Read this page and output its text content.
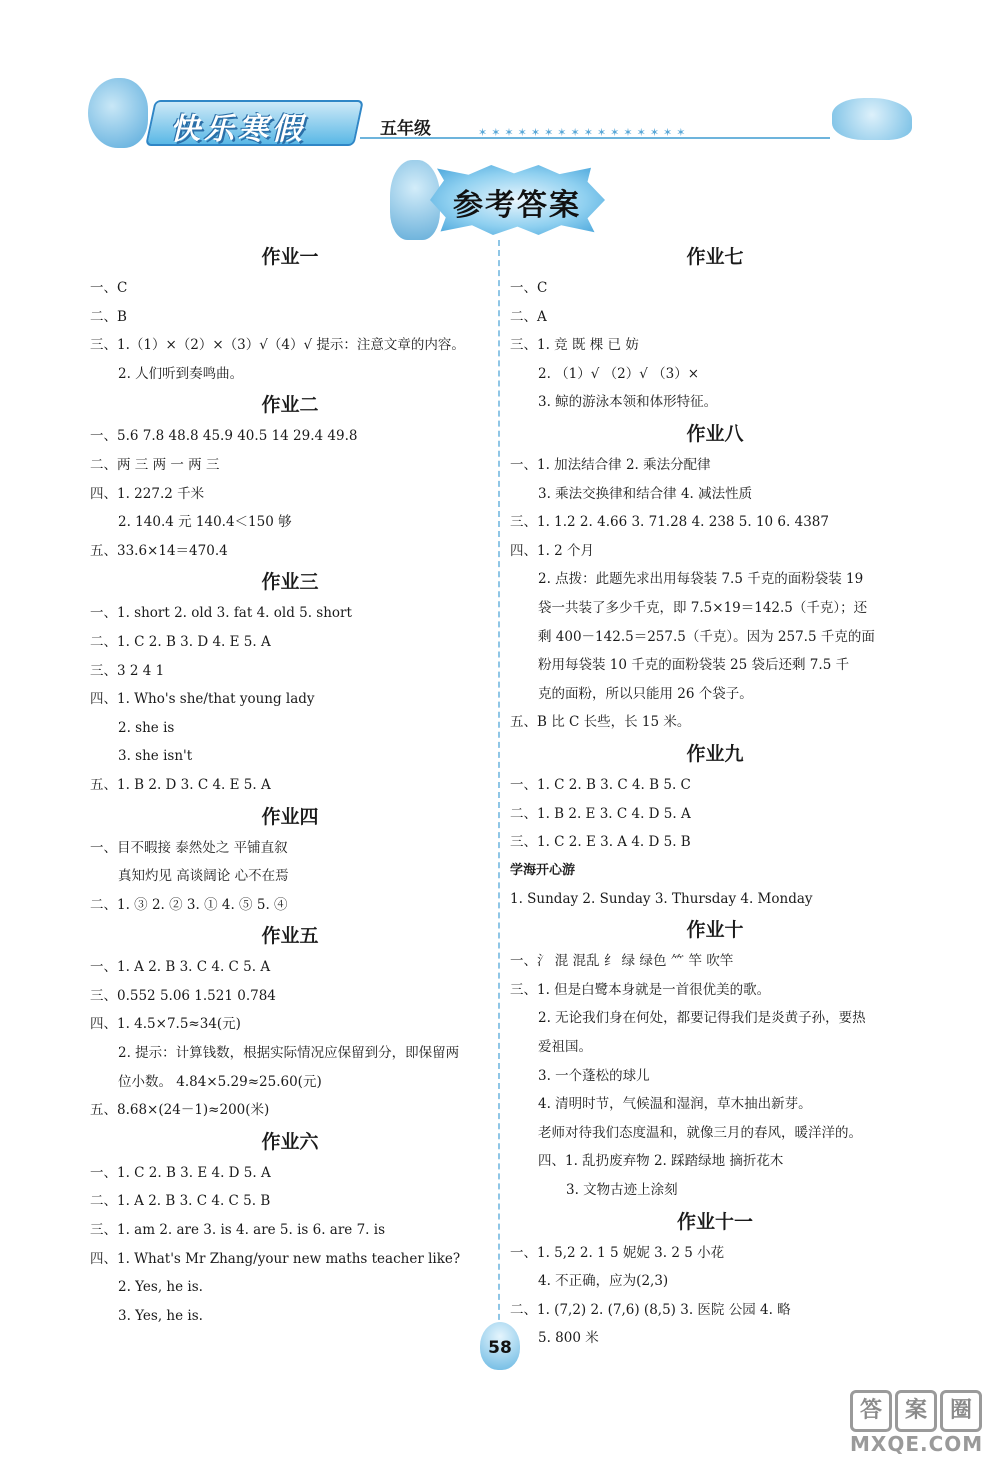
快乐寒假	五年级	✶✶✶✶✶✶✶✶✶✶✶✶✶✶✶✶
参考答案
作业一
一、C
二、B
三、1.（1）×（2）×（3）√（4）√ 提示：注意文章的内容。
2. 人们听到奏鸣曲。
作业二
一、5.6 7.8 48.8 45.9 40.5 14 29.4 49.8
二、两 三 两 一 两 三
四、1. 227.2 千米
2. 140.4 元 140.4＜150 够
五、33.6×14＝470.4
作业三
一、1. short 2. old 3. fat 4. old 5. short
二、1. C 2. B 3. D 4. E 5. A
三、3 2 4 1
四、1. Who's she/that young lady
2. she is
3. she isn't
五、1. B 2. D 3. C 4. E 5. A
作业四
一、目不暇接 泰然处之 平铺直叙
真知灼见 高谈阔论 心不在焉
二、1. ③ 2. ② 3. ① 4. ⑤ 5. ④
作业五
一、1. A 2. B 3. C 4. C 5. A
三、0.552 5.06 1.521 0.784
四、1. 4.5×7.5≈34(元)
2. 提示：计算钱数，根据实际情况应保留到分，即保留两
位小数。 4.84×5.29≈25.60(元)
五、8.68×(24－1)≈200(米)
作业六
一、1. C 2. B 3. E 4. D 5. A
二、1. A 2. B 3. C 4. C 5. B
三、1. am 2. are 3. is 4. are 5. is 6. are 7. is
四、1. What's Mr Zhang/your new maths teacher like?
2. Yes, he is.
3. Yes, he is.
作业七
一、C
二、A
三、1. 竞 既 棵 已 妨
2. （1）√ （2）√ （3）×
3. 鲸的游泳本领和体形特征。
作业八
一、1. 加法结合律 2. 乘法分配律
3. 乘法交换律和结合律 4. 减法性质
三、1. 1.2 2. 4.66 3. 71.28 4. 238 5. 10 6. 4387
四、1. 2 个月
2. 点拨：此题先求出用每袋装 7.5 千克的面粉袋装 19
袋一共装了多少千克，即 7.5×19＝142.5（千克）；还
剩 400－142.5＝257.5（千克）。因为 257.5 千克的面
粉用每袋装 10 千克的面粉袋装 25 袋后还剩 7.5 千
克的面粉，所以只能用 26 个袋子。
五、B 比 C 长些，长 15 米。
作业九
一、1. C 2. B 3. C 4. B 5. C
二、1. B 2. E 3. C 4. D 5. A
三、1. C 2. E 3. A 4. D 5. B
学海开心游
1. Sunday 2. Sunday 3. Thursday 4. Monday
作业十
一、氵 混 混乱 纟 绿 绿色 ⺮ 竿 吹竿
三、1. 但是白鹭本身就是一首很优美的歌。
2. 无论我们身在何处，都要记得我们是炎黄子孙，要热
爱祖国。
3. 一个蓬松的球儿
4. 清明时节，气候温和湿润，草木抽出新芽。
老师对待我们态度温和，就像三月的春风，暖洋洋的。
四、1. 乱扔废弃物 2. 踩踏绿地 摘折花木
3. 文物古迹上涂刻
作业十一
一、1. 5,2 2. 1 5 妮妮 3. 2 5 小花
4. 不正确，应为(2,3)
二、1. (7,2) 2. (7,6) (8,5) 3. 医院 公园 4. 略
5. 800 米
58
答 案 圈
MXQE.COM
